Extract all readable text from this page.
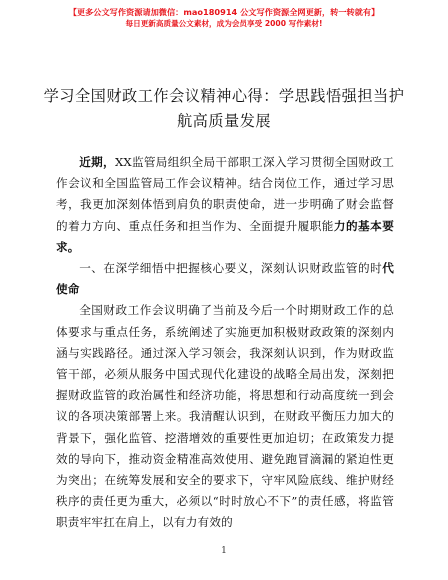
【更多公文写作资源请加微信：mao180914 公文写作资源全网更新，转一转就有】
每日更新高质量公文素材，成为会员享受 2000 写作素材!
学习全国财政工作会议精神心得：学思践悟强担当护航高质量发展

近期，XX监管局组织全局干部职工深入学习贯彻全国财政工作会议和全国监管局工作会议精神。结合岗位工作，通过学习思考，我更加深刻体悟到肩负的职责使命，进一步明确了财会监督的着力方向、重点任务和担当作为、全面提升履职能力的基本要求。

一、在深学细悟中把握核心要义，深刻认识财政监管的时代使命

全国财政工作会议明确了当前及今后一个时期财政工作的总体要求与重点任务，系统阐述了实施更加积极财政政策的深刻内涵与实践路径。通过深入学习领会，我深刻认识到，作为财政监管干部，必须从服务中国式现代化建设的战略全局出发，深刻把握财政监管的政治属性和经济功能，将思想和行动高度统一到会议的各项决策部署上来。我清醒认识到，在财政平衡压力加大的背景下，强化监管、挖潜增效的重要性更加迫切；在政策发力提效的导向下，推动资金精准高效使用、避免跑冒滴漏的紧迫性更为突出；在统筹发展和安全的要求下，守牢风险底线、维护财经秩序的责任更为重大，必须以“时时放心不下”的责任感，将监管职责牢牢扛在肩上，以有力有效的

1
